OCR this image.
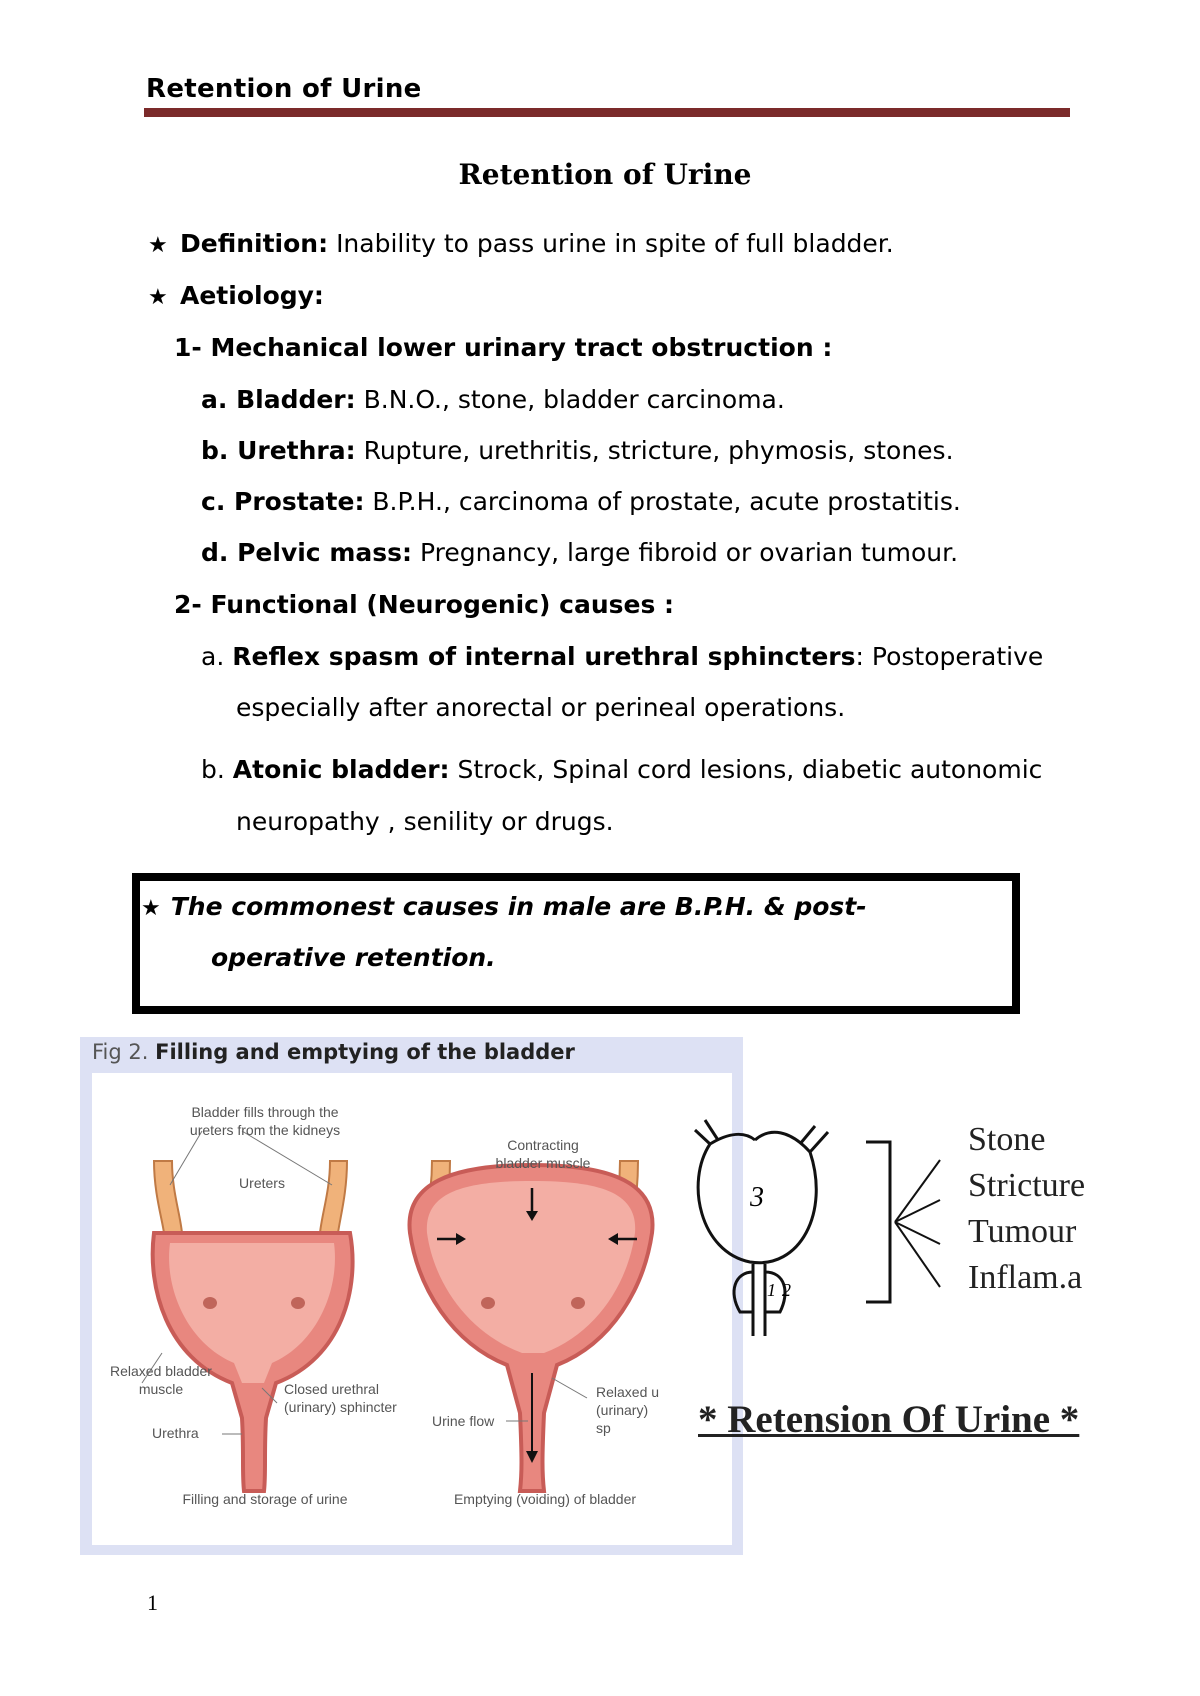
Retention of Urine
Retention of Urine
★ Definition: Inability to pass urine in spite of full bladder.
★ Aetiology:
1- Mechanical lower urinary tract obstruction :
a. Bladder: B.N.O., stone, bladder carcinoma.
b. Urethra: Rupture, urethritis, stricture, phymosis, stones.
c. Prostate: B.P.H., carcinoma of prostate, acute prostatitis.
d. Pelvic mass: Pregnancy, large fibroid or ovarian tumour.
2- Functional (Neurogenic) causes :
a. Reflex spasm of internal urethral sphincters: Postoperative
especially after anorectal or perineal operations.
b. Atonic bladder: Strock, Spinal cord lesions, diabetic autonomic
neuropathy , senility or drugs.
★ The commonest causes in male are B.P.H. & post-
operative retention.
Fig 2. Filling and emptying of the bladder
Bladder fills through the ureters from the kidneys
Ureters
Relaxed bladder muscle	Closed urethral (urinary) sphincter
Urethra
Filling and storage of urine
Contracting bladder muscle
Relaxed u (urinary) sp
Urine flow
Emptying (voiding) of bladder
3
1 2
Stone
Stricture
Tumour
Inflam.a
* Retension Of Urine *
1
